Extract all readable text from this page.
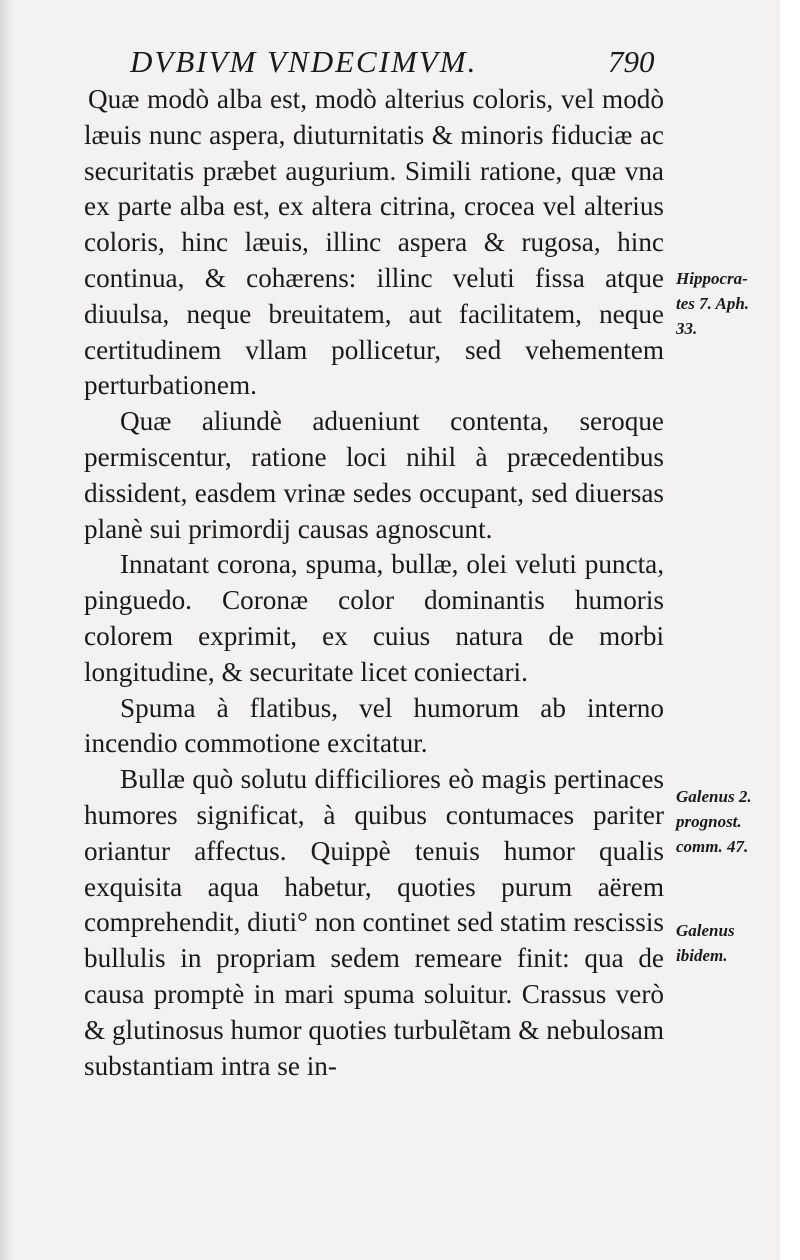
DVBIVM VNDECIMVM.	790

Quæ modò alba est, modò alterius coloris, vel modò læuis nunc aspera, diuturnitatis & minoris fiduciæ ac securitatis præbet augurium. Simili ratione, quæ vna ex parte alba est, ex altera citrina, crocea vel alterius coloris, hinc læuis, illinc aspera & rugosa, hinc continua, & cohærens: illinc veluti fissa atque diuulsa, neque breuitatem, aut facilitatem, neque certitudinem vllam pollicetur, sed vehementem perturbationem.

Quæ aliundè adueniunt contenta, seroque permiscentur, ratione loci nihil à præcedentibus dissident, easdem vrinæ sedes occupant, sed diuersas planè sui primordij causas agnoscunt.

Innatant corona, spuma, bullæ, olei veluti puncta, pinguedo. Coronæ color dominantis humoris colorem exprimit, ex cuius natura de morbi longitudine, & securitate licet coniectari.

Spuma à flatibus, vel humorum ab interno incendio commotione excitatur.

Bullæ quò solutu difficiliores eò magis pertinaces humores significat, à quibus contumaces pariter oriantur affectus. Quippè tenuis humor qualis exquisita aqua habetur, quoties purum aërem comprehendit, diuti° non continet sed statim rescissis bullulis in propriam sedem remeare finit: qua de causa promptè in mari spuma soluitur. Crassus verò & glutinosus humor quoties turbulẽtam & nebulosam substantiam intra se in-

Hippocra-
tes 7. Aph.
33.
Galenus 2.
prognost.
comm. 47.
Galenus
ibidem.
